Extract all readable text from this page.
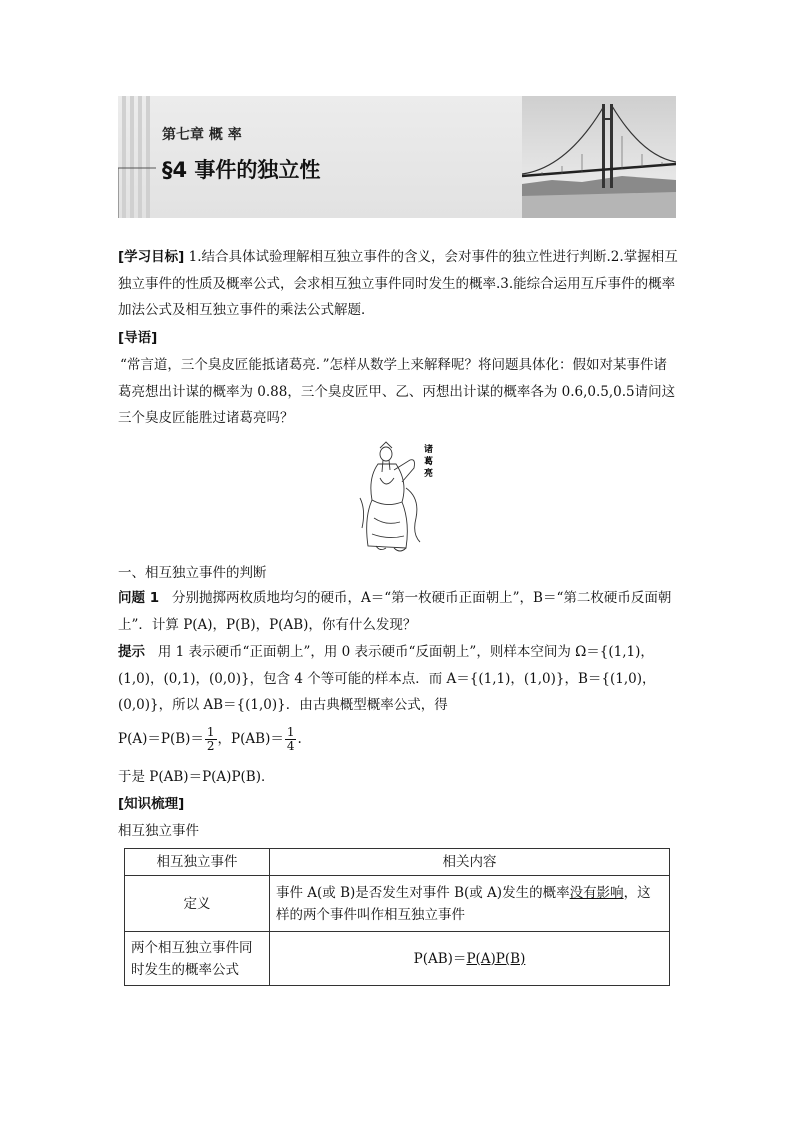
第七章 概 率
§4 事件的独立性
[学习目标] 1.结合具体试验理解相互独立事件的含义，会对事件的独立性进行判断.2.掌握相互独立事件的性质及概率公式，会求相互独立事件同时发生的概率.3.能综合运用互斥事件的概率加法公式及相互独立事件的乘法公式解题．
[导语]
“常言道，三个臭皮匠能抵诸葛亮．”怎样从数学上来解释呢？将问题具体化：假如对某事件诸葛亮想出计谋的概率为 0.88，三个臭皮匠甲、乙、丙想出计谋的概率各为 0.6,0.5,0.5请问这三个臭皮匠能胜过诸葛亮吗？
诸
葛
亮
一、相互独立事件的判断
问题 1 分别抛掷两枚质地均匀的硬币，A＝“第一枚硬币正面朝上”，B＝“第二枚硬币反面朝上”．计算 P(A)，P(B)，P(AB)，你有什么发现？
提示 用 1 表示硬币“正面朝上”，用 0 表示硬币“反面朝上”，则样本空间为 Ω＝{(1,1)，(1,0)，(0,1)，(0,0)}，包含 4 个等可能的样本点．而 A＝{(1,1)，(1,0)}，B＝{(1,0)，(0,0)}，所以 AB＝{(1,0)}．由古典概型概率公式，得
$P(A)=P(B)= \frac{1}{2}$ ，$P(AB)= \frac{1}{4}$ .
于是 P(AB)＝P(A)P(B)．
[知识梳理]
相互独立事件
相互独立事件	相关内容
定义	事件 A(或 B)是否发生对事件 B(或 A)发生的概率没有影响，这样的两个事件叫作相互独立事件
两个相互独立事件同时发生的概率公式	P(AB)＝P(A)P(B)
